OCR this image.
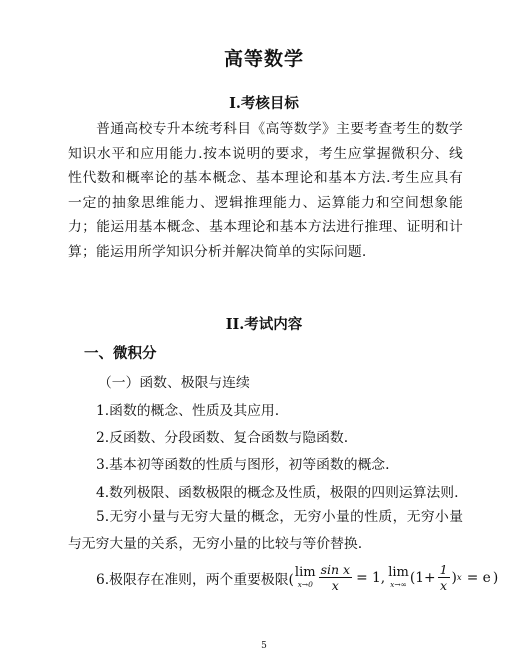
高等数学
I.考核目标
普通高校专升本统考科目《高等数学》主要考查考生的数学知识水平和应用能力.按本说明的要求，考生应掌握微积分、线性代数和概率论的基本概念、基本理论和基本方法.考生应具有一定的抽象思维能力、逻辑推理能力、运算能力和空间想象能力；能运用基本概念、基本理论和基本方法进行推理、证明和计算；能运用所学知识分析并解决简单的实际问题.
II.考试内容
一、微积分
（一）函数、极限与连续
1.函数的概念、性质及其应用.
2.反函数、分段函数、复合函数与隐函数.
3.基本初等函数的性质与图形，初等函数的概念.
4.数列极限、函数极限的概念及性质，极限的四则运算法则.
5.无穷小量与无穷大量的概念，无穷小量的性质，无穷小量与无穷大量的关系，无穷小量的比较与等价替换.
6.极限存在准则，两个重要极限( lim
$x\to 0 \frac{\text{sin x}}{x} = 1$, lim
x→∞ ($1+ \frac{1}{x}$ ) x = e )
5
